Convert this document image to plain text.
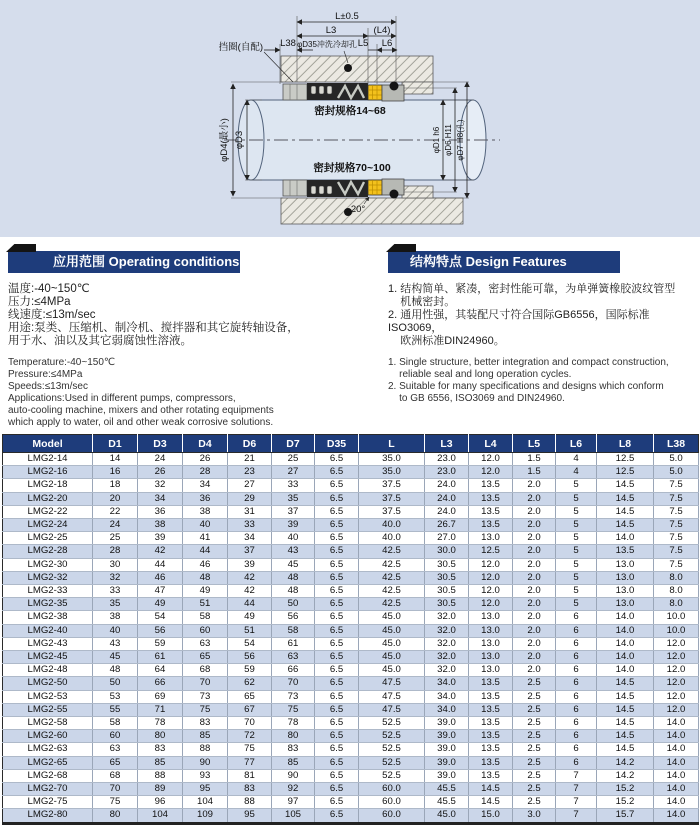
L±0.5
L3	(L4)
L38 φD35冲洗冷却孔 L5 L6
挡圈(自配)
φD4(最小) φD3	φD1 h6 φD6 H11 φD7 H8(孔)
密封规格14~68
密封规格70~100
20°
应用范围 Operating conditions
温度:-40~150℃
压力:≤4MPa
线速度:≤13m/sec
用途:泵类、压缩机、制冷机、搅拌器和其它旋转轴设备，
用于水、油以及其它弱腐蚀性溶液。
Temperature:-40~150℃
Pressure:≤4MPa
Speeds:≤13m/sec
Applications:Used in different pumps, compressors,
auto-cooling machine, mixers and other rotating equipments
which apply to water, oil and other weak corrosive solutions.
结构特点 Design Features
1. 结构简单、紧凑，密封性能可靠，为单弹簧橡胶波纹管型
机械密封。
2. 通用性强，其装配尺寸符合国际GB6556，国际标准ISO3069，
欧洲标准DIN24960。
1. Single structure, better integration and compact construction,
reliable seal and long operation cycles.
2. Suitable for many specifications and designs which conform
to GB 6556, ISO3069 and DIN24960.
Model	D1	D3	D4	D6	D7	D35	L	L3	L4	L5	L6	L8	L38
LMG2-14	14	24	26	21	25	6.5	35.0	23.0	12.0	1.5	4	12.5	5.0
LMG2-16	16	26	28	23	27	6.5	35.0	23.0	12.0	1.5	4	12.5	5.0
LMG2-18	18	32	34	27	33	6.5	37.5	24.0	13.5	2.0	5	14.5	7.5
LMG2-20	20	34	36	29	35	6.5	37.5	24.0	13.5	2.0	5	14.5	7.5
LMG2-22	22	36	38	31	37	6.5	37.5	24.0	13.5	2.0	5	14.5	7.5
LMG2-24	24	38	40	33	39	6.5	40.0	26.7	13.5	2.0	5	14.5	7.5
LMG2-25	25	39	41	34	40	6.5	40.0	27.0	13.0	2.0	5	14.0	7.5
LMG2-28	28	42	44	37	43	6.5	42.5	30.0	12.5	2.0	5	13.5	7.5
LMG2-30	30	44	46	39	45	6.5	42.5	30.5	12.0	2.0	5	13.0	7.5
LMG2-32	32	46	48	42	48	6.5	42.5	30.5	12.0	2.0	5	13.0	8.0
LMG2-33	33	47	49	42	48	6.5	42.5	30.5	12.0	2.0	5	13.0	8.0
LMG2-35	35	49	51	44	50	6.5	42.5	30.5	12.0	2.0	5	13.0	8.0
LMG2-38	38	54	58	49	56	6.5	45.0	32.0	13.0	2.0	6	14.0	10.0
LMG2-40	40	56	60	51	58	6.5	45.0	32.0	13.0	2.0	6	14.0	10.0
LMG2-43	43	59	63	54	61	6.5	45.0	32.0	13.0	2.0	6	14.0	12.0
LMG2-45	45	61	65	56	63	6.5	45.0	32.0	13.0	2.0	6	14.0	12.0
LMG2-48	48	64	68	59	66	6.5	45.0	32.0	13.0	2.0	6	14.0	12.0
LMG2-50	50	66	70	62	70	6.5	47.5	34.0	13.5	2.5	6	14.5	12.0
LMG2-53	53	69	73	65	73	6.5	47.5	34.0	13.5	2.5	6	14.5	12.0
LMG2-55	55	71	75	67	75	6.5	47.5	34.0	13.5	2.5	6	14.5	12.0
LMG2-58	58	78	83	70	78	6.5	52.5	39.0	13.5	2.5	6	14.5	14.0
LMG2-60	60	80	85	72	80	6.5	52.5	39.0	13.5	2.5	6	14.5	14.0
LMG2-63	63	83	88	75	83	6.5	52.5	39.0	13.5	2.5	6	14.5	14.0
LMG2-65	65	85	90	77	85	6.5	52.5	39.0	13.5	2.5	6	14.2	14.0
LMG2-68	68	88	93	81	90	6.5	52.5	39.0	13.5	2.5	7	14.2	14.0
LMG2-70	70	89	95	83	92	6.5	60.0	45.5	14.5	2.5	7	15.2	14.0
LMG2-75	75	96	104	88	97	6.5	60.0	45.5	14.5	2.5	7	15.2	14.0
LMG2-80	80	104	109	95	105	6.5	60.0	45.0	15.0	3.0	7	15.7	14.0
